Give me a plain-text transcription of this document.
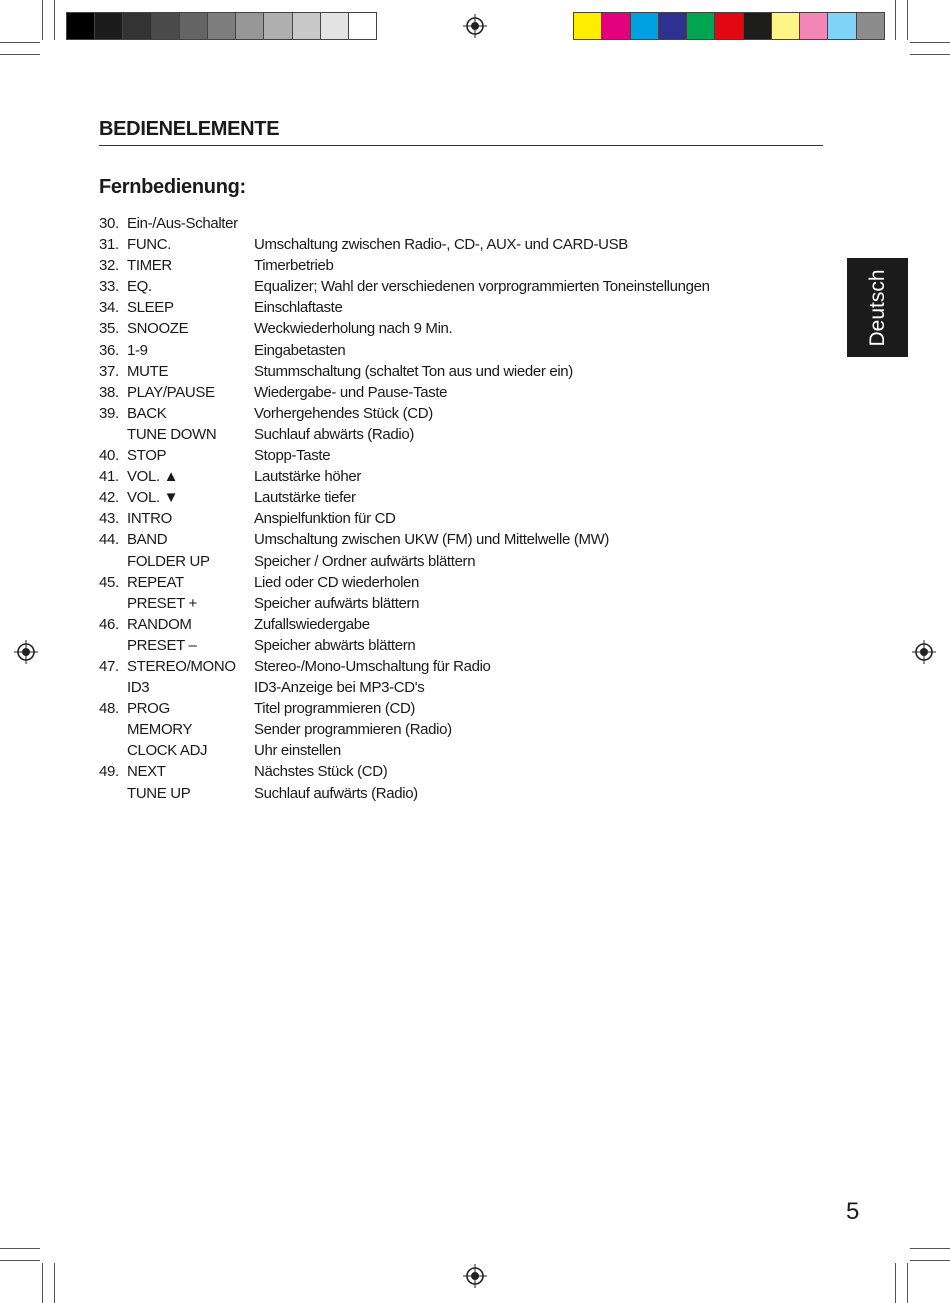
BEDIENELEMENTE
Fernbedienung:
30. Ein-/Aus-Schalter
31. FUNC.	Umschaltung zwischen Radio-, CD-, AUX- und CARD-USB
32. TIMER	Timerbetrieb
33. EQ.	Equalizer; Wahl der verschiedenen vorprogrammierten Toneinstellungen
34. SLEEP	Einschlaftaste
35. SNOOZE	Weckwiederholung nach 9 Min.
36. 1-9	Eingabetasten
37. MUTE	Stummschaltung (schaltet Ton aus und wieder ein)
38. PLAY/PAUSE	Wiedergabe- und Pause-Taste
39. BACK	Vorhergehendes Stück (CD)
TUNE DOWN	Suchlauf abwärts (Radio)
40. STOP	Stopp-Taste
41. VOL. ▲	Lautstärke höher
42. VOL. ▼	Lautstärke tiefer
43. INTRO	Anspielfunktion für CD
44. BAND	Umschaltung zwischen UKW (FM) und Mittelwelle (MW)
FOLDER UP	Speicher / Ordner aufwärts blättern
45. REPEAT	Lied oder CD wiederholen
PRESET +	Speicher aufwärts blättern
46. RANDOM	Zufallswiedergabe
PRESET –	Speicher abwärts blättern
47. STEREO/MONO	Stereo-/Mono-Umschaltung für Radio
ID3	ID3-Anzeige bei MP3-CD's
48. PROG	Titel programmieren (CD)
MEMORY	Sender programmieren (Radio)
CLOCK ADJ	Uhr einstellen
49. NEXT	Nächstes Stück (CD)
TUNE UP	Suchlauf aufwärts (Radio)
Deutsch
5
